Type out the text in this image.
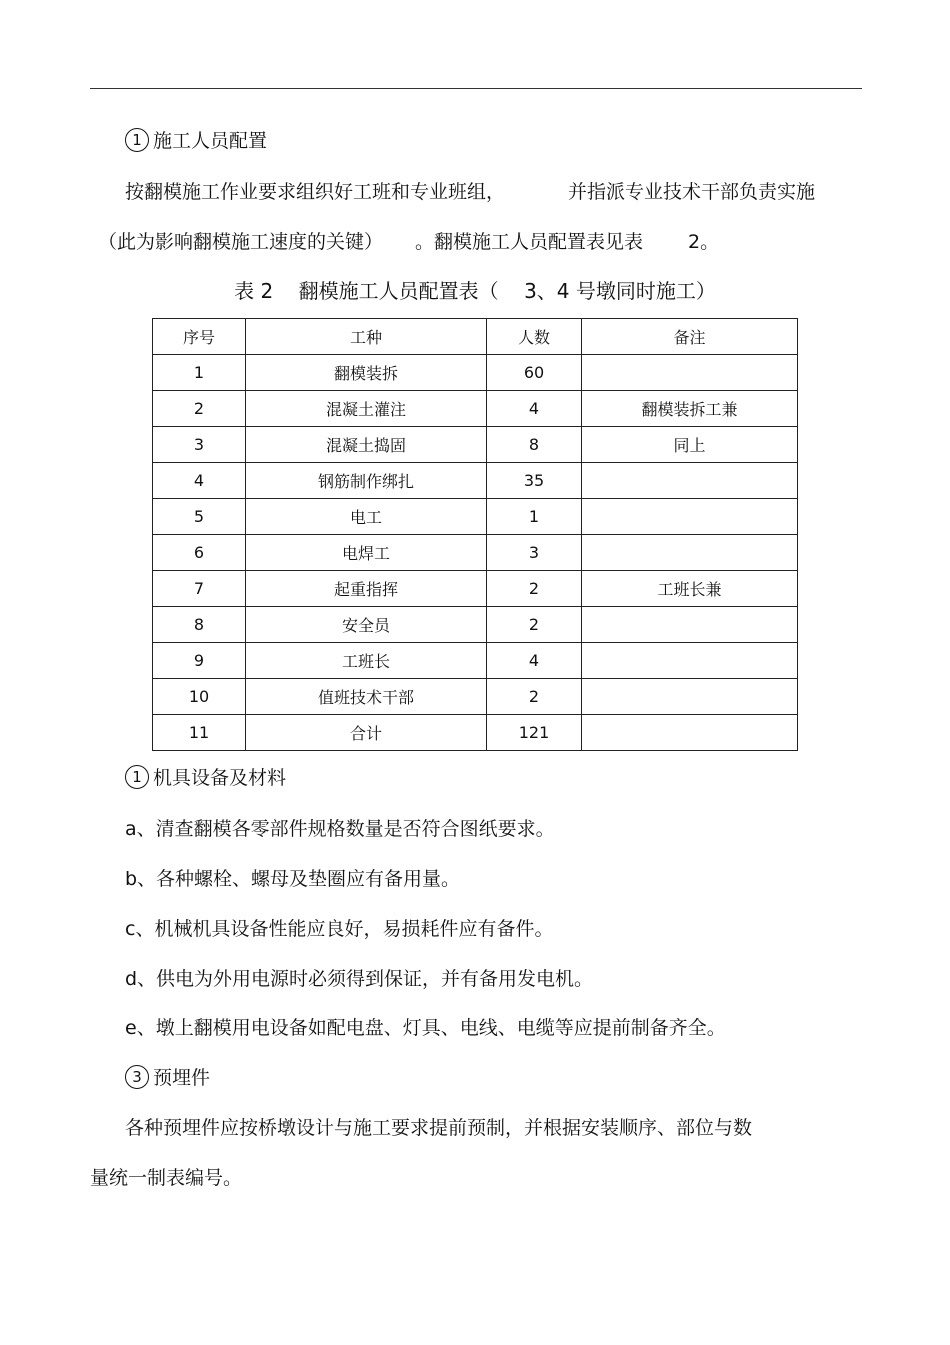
1 施工人员配置
按翻模施工作业要求组织好工班和专业班组，	并指派专业技术干部负责实施
（此为影响翻模施工速度的关键） 。翻模施工人员配置表见表 2。
表 2    翻模施工人员配置表（    3、4 号墩同时施工）
序号	工种	人数	备注
1	翻模装拆	60	
2	混凝土灌注	4	翻模装拆工兼
3	混凝土捣固	8	同上
4	钢筋制作绑扎	35	
5	电工	1	
6	电焊工	3	
7	起重指挥	2	工班长兼
8	安全员	2	
9	工班长	4	
10	值班技术干部	2	
11	合计	121	
1 机具设备及材料
a、清查翻模各零部件规格数量是否符合图纸要求。
b、各种螺栓、螺母及垫圈应有备用量。
c、机械机具设备性能应良好，易损耗件应有备件。
d、供电为外用电源时必须得到保证，并有备用发电机。
e、墩上翻模用电设备如配电盘、灯具、电线、电缆等应提前制备齐全。
3 预埋件
各种预埋件应按桥墩设计与施工要求提前预制，并根据安装顺序、部位与数
量统一制表编号。
